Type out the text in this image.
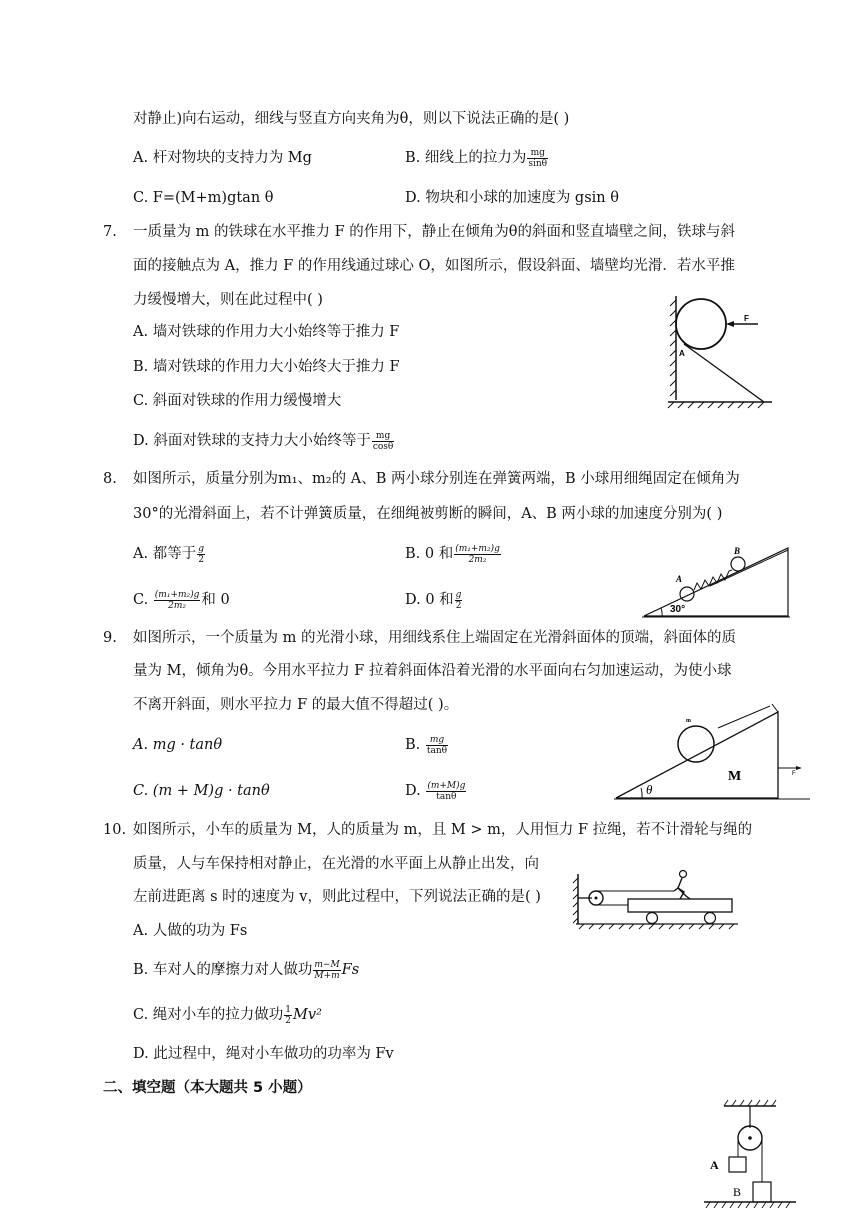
对静止)向右运动，细线与竖直方向夹角为θ，则以下说法正确的是( )
A. 杆对物块的支持力为 Mg	B. 细线上的拉力为 $\frac{mg}{\sin\theta}$
C. F=(M+m)gtan θ	D. 物块和小球的加速度为 gsin θ
7. 一质量为 m 的铁球在水平推力 F 的作用下，静止在倾角为θ的斜面和竖直墙壁之间，铁球与斜
面的接触点为 A，推力 F 的作用线通过球心 O，如图所示，假设斜面、墙壁均光滑．若水平推
力缓慢增大，则在此过程中( )
A. 墙对铁球的作用力大小始终等于推力 F
B. 墙对铁球的作用力大小始终大于推力 F
C. 斜面对铁球的作用力缓慢增大
D. 斜面对铁球的支持力大小始终等于 $\frac{mg}{\cos\theta}$
F
A
8. 如图所示，质量分别为m₁、m₂的 A、B 两小球分别连在弹簧两端，B 小球用细绳固定在倾角为
30°的光滑斜面上，若不计弹簧质量，在细绳被剪断的瞬间，A、B 两小球的加速度分别为( )
A. 都等于 $\frac{g}{2}$	B. 0 和 $\frac{\text{(m₁+m₂)g}}{\text{2m₂}}$
C. $\frac{\text{(m₁+m₂)g}}{\text{2m₂}}$ 和 0	D. 0 和 $\frac{g}{2}$	30°
A
B
9. 如图所示，一个质量为 m 的光滑小球，用细线系住上端固定在光滑斜面体的顶端，斜面体的质
量为 M，倾角为θ。今用水平拉力 F 拉着斜面体沿着光滑的水平面向右匀加速运动，为使小球
不离开斜面，则水平拉力 F 的最大值不得超过( )。
A. mg · tanθ	B. $\frac{mg}{\tan\theta}$
C. (m + M)g · tanθ	D. $\frac{(m+M)g}{\tan\theta}$	θ
M
m
F
10. 如图所示，小车的质量为 M，人的质量为 m，且 M > m，人用恒力 F 拉绳，若不计滑轮与绳的
质量，人与车保持相对静止，在光滑的水平面上从静止出发，向
左前进距离 s 时的速度为 v，则此过程中，下列说法正确的是( )
A. 人做的功为 Fs
B. 车对人的摩擦力对人做功 $\frac{m-M}{M+m}$ Fs
C. 绳对小车的拉力做功 $\frac{1}{2} Mv^2$
D. 此过程中，绳对小车做功的功率为 Fv
二、填空题（本大题共 5 小题）
A
B
